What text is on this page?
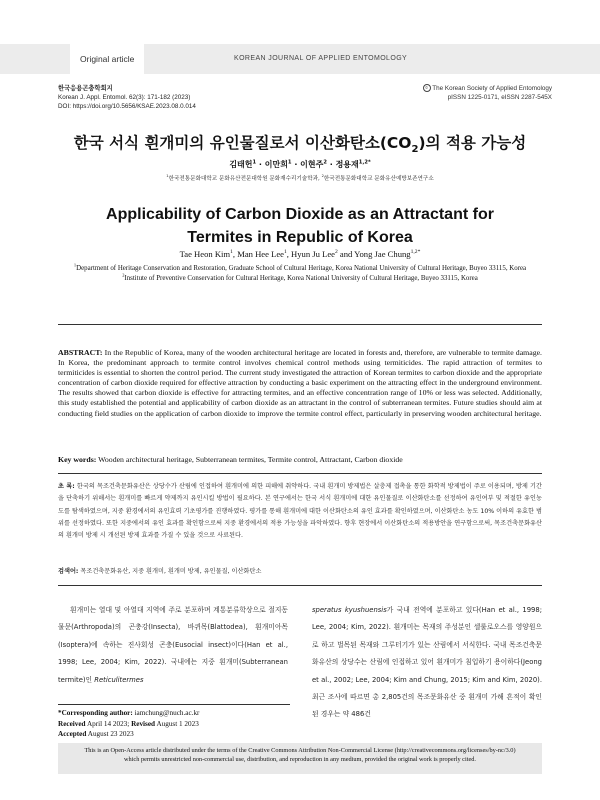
Original article	KOREAN JOURNAL OF APPLIED ENTOMOLOGY
한국응용곤충학회지
Korean J. Appl. Entomol. 62(3): 171-182 (2023)
DOI: https://doi.org/10.5656/KSAE.2023.08.0.014
© The Korean Society of Applied Entomology
pISSN 1225-0171, eISSN 2287-545X
한국 서식 흰개미의 유인물질로서 이산화탄소$(CO_2)$의 적용 가능성
김태헌$^1$ · 이만희$^1$ · 이현주$^2$ · 정용재$^{1,2*}$
$^1$한국전통문화대학교 문화유산전문대학원 문화재수리기술학과, $^2$한국전통문화대학교 문화유산예방보존연구소
Applicability of Carbon Dioxide as an Attractant for
Termites in Republic of Korea
Tae Heon Kim$^1$, Man Hee Lee$^1$, Hyun Ju Lee$^2$ and Yong Jae Chung$^{1,2*}$
$^1$Department of Heritage Conservation and Restoration, Graduate School of Cultural Heritage, Korea National University of Cultural Heritage, Buyeo 33115, Korea
$^2$Institute of Preventive Conservation for Cultural Heritage, Korea National University of Cultural Heritage, Buyeo 33115, Korea
ABSTRACT: In the Republic of Korea, many of the wooden architectural heritage are located in forests and, therefore, are vulnerable to termite damage. In Korea, the predominant approach to termite control involves chemical control methods using termiticides. The rapid attraction of termites to termiticides is essential to shorten the control period. The current study investigated the attraction of Korean termites to carbon dioxide and the appropriate concentration of carbon dioxide required for effective attraction by conducting a basic experiment on the attracting effect in the underground environment. The results showed that carbon dioxide is effective for attracting termites, and an effective concentration range of 10% or less was selected. Additionally, this study established the potential and applicability of carbon dioxide as an attractant in the control of subterranean termites. Future studies should aim at conducting field studies on the application of carbon dioxide to improve the termite control effect, particularly in preserving wooden architectural heritage.
Key words: Wooden architectural heritage, Subterranean termites, Termite control, Attractant, Carbon dioxide
초 록: 한국의 목조건축문화유산은 상당수가 산림에 인접하여 흰개미에 의한 피해에 취약하다. 국내 흰개미 방제법은 살충제 접촉을 통한 화학적 방제법이 주로 이용되며, 방제 기간을 단축하기 위해서는 흰개미를 빠르게 약제까지 유인시킬 방법이 필요하다. 본 연구에서는 한국 서식 흰개미에 대한 유인물질로 이산화탄소를 선정하여 유인여부 및 적절한 유인농도를 탐색하였으며, 지중 환경에서의 유인효력 기초평가를 진행하였다. 평가를 통해 흰개미에 대한 이산화탄소의 유인 효과를 확인하였으며, 이산화탄소 농도 10% 이하의 유효한 범위를 선정하였다. 또한 지중에서의 유인 효과를 확인함으로써 지중 환경에서의 적용 가능성을 파악하였다. 향후 현장에서 이산화탄소의 적용방안을 연구함으로써, 목조건축문화유산의 흰개미 방제 시 개선된 방제 효과를 가질 수 있을 것으로 사료된다.
검색어: 목조건축문화유산, 지중 흰개미, 흰개미 방제, 유인물질, 이산화탄소
흰개미는 열대 및 아열대 지역에 주로 분포하며 계통분류학상으로 절지동물문(Arthropoda)의 곤충강(Insecta), 바퀴목(Blattodea), 흰개미아목(Isoptera)에 속하는 진사회성 곤충(Eusocial insect)이다(Han et al., 1998; Lee, 2004; Kim, 2022). 국내에는 지중 흰개미(Subterranean termite)인 Reticulitermes
speratus kyushuensis가 국내 전역에 분포하고 있다(Han et al., 1998; Lee, 2004; Kim, 2022). 흰개미는 목재의 주성분인 셀룰로오스를 영양원으로 하고 벌목된 목재와 그루터기가 있는 산림에서 서식한다. 국내 목조건축문화유산의 상당수는 산림에 인접하고 있어 흰개미가 침입하기 용이하다(Jeong et al., 2002; Lee, 2004; Kim and Chung, 2015; Kim and Kim, 2020). 최근 조사에 따르면 총 2,805건의 목조문화유산 중 흰개미 가해 흔적이 확인된 경우는 약 486건
*Corresponding author: iamchung@nuch.ac.kr
Received April 14 2023; Revised August 1 2023
Accepted August 23 2023
This is an Open-Access article distributed under the terms of the Creative Commons Attribution Non-Commercial License (http://creativecommons.org/licenses/by-nc/3.0)
which permits unrestricted non-commercial use, distribution, and reproduction in any medium, provided the original work is properly cited.
